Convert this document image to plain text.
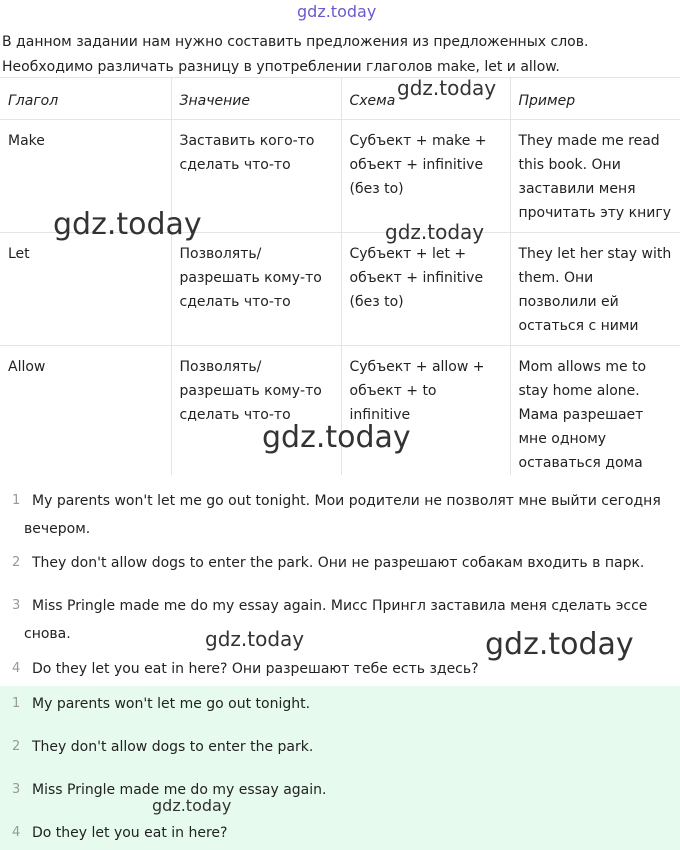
gdz.today

В данном задании нам нужно составить предложения из предложенных слов.

Необходимо различать разницу в употреблении глаголов make, let и allow.

Глагол	Значение	Схема	Пример
Make	Заставить кого-то сделать что-то	Субъект + make + объект + infinitive (без to)	They made me read this book. Они заставили меня прочитать эту книгу
Let	Позволять/ разрешать кому-то сделать что-то	Субъект + let + объект + infinitive (без to)	They let her stay with them. Они позволили ей остаться с ними
Allow	Позволять/ разрешать кому-то сделать что-то	Субъект + allow + объект + to infinitive	Mom allows me to stay home alone. Мама разрешает мне одному оставаться дома
1 My parents won't let me go out tonight. Мои родители не позволят мне выйти сегодня вечером.
2 They don't allow dogs to enter the park. Они не разрешают собакам входить в парк.
3 Miss Pringle made me do my essay again. Мисс Прингл заставила меня сделать эссе снова.
4 Do they let you eat in here? Они разрешают тебе есть здесь?
1 My parents won't let me go out tonight.
2 They don't allow dogs to enter the park.
3 Miss Pringle made me do my essay again.
4 Do they let you eat in here?
gdz.today
gdz.today	gdz.today
gdz.today
gdz.today	gdz.today
gdz.today
